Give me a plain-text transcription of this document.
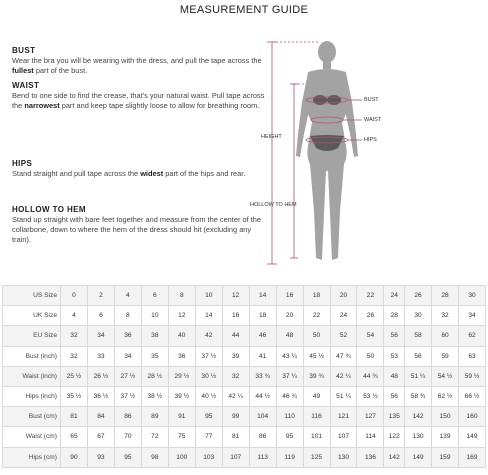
MEASUREMENT GUIDE
BUST

Wear the bra you will be wearing with the dress, and pull the tape across the fullest part of the bust.

WAIST

Bend to one side to find the crease, that's your natural waist. Pull tape across the narrowest part and keep tape slightly loose to allow for breathing room.

HIPS

Stand straight and pull tape across the widest part of the hips and rear.

HOLLOW TO HEM

Stand up straight with bare feet together and measure from the center of the collarbone, down to where the hem of the dress should hit (excluding any train).

BUST
WAIST
HIPS
HEIGHT
HOLLOW TO HEM
US Size	0	2	4	6	8	10	12	14	16	18	20	22	24	26	28	30
UK Size	4	6	8	10	12	14	16	18	20	22	24	26	28	30	32	34
EU Size	32	34	36	38	40	42	44	46	48	50	52	54	56	58	60	62
Bust (inch)	32	33	34	35	36	37 ½	39	41	43 ¼	45 ½	47 ¾	50	53	56	59	63
Waist (inch)	25 ½	26 ½	27 ½	28 ½	29 ½	30 ½	32	33 ¾	37 ¼	39 ¾	42 ¼	44 ¾	48	51 ¼	54 ½	59 ½
Hips (inch)	35 ½	36 ½	37 ½	38 ½	39 ½	40 ½	42 ¼	44 ½	46 ¾	49	51 ¼	53 ½	56	58 ¾	62 ½	66 ½
Bust (cm)	81	84	86	89	91	95	99	104	110	116	121	127	135	142	150	160
Waist (cm)	65	67	70	72	75	77	81	86	95	101	107	114	122	130	139	149
Hips (cm)	90	93	95	98	100	103	107	113	119	125	130	136	142	149	159	169
